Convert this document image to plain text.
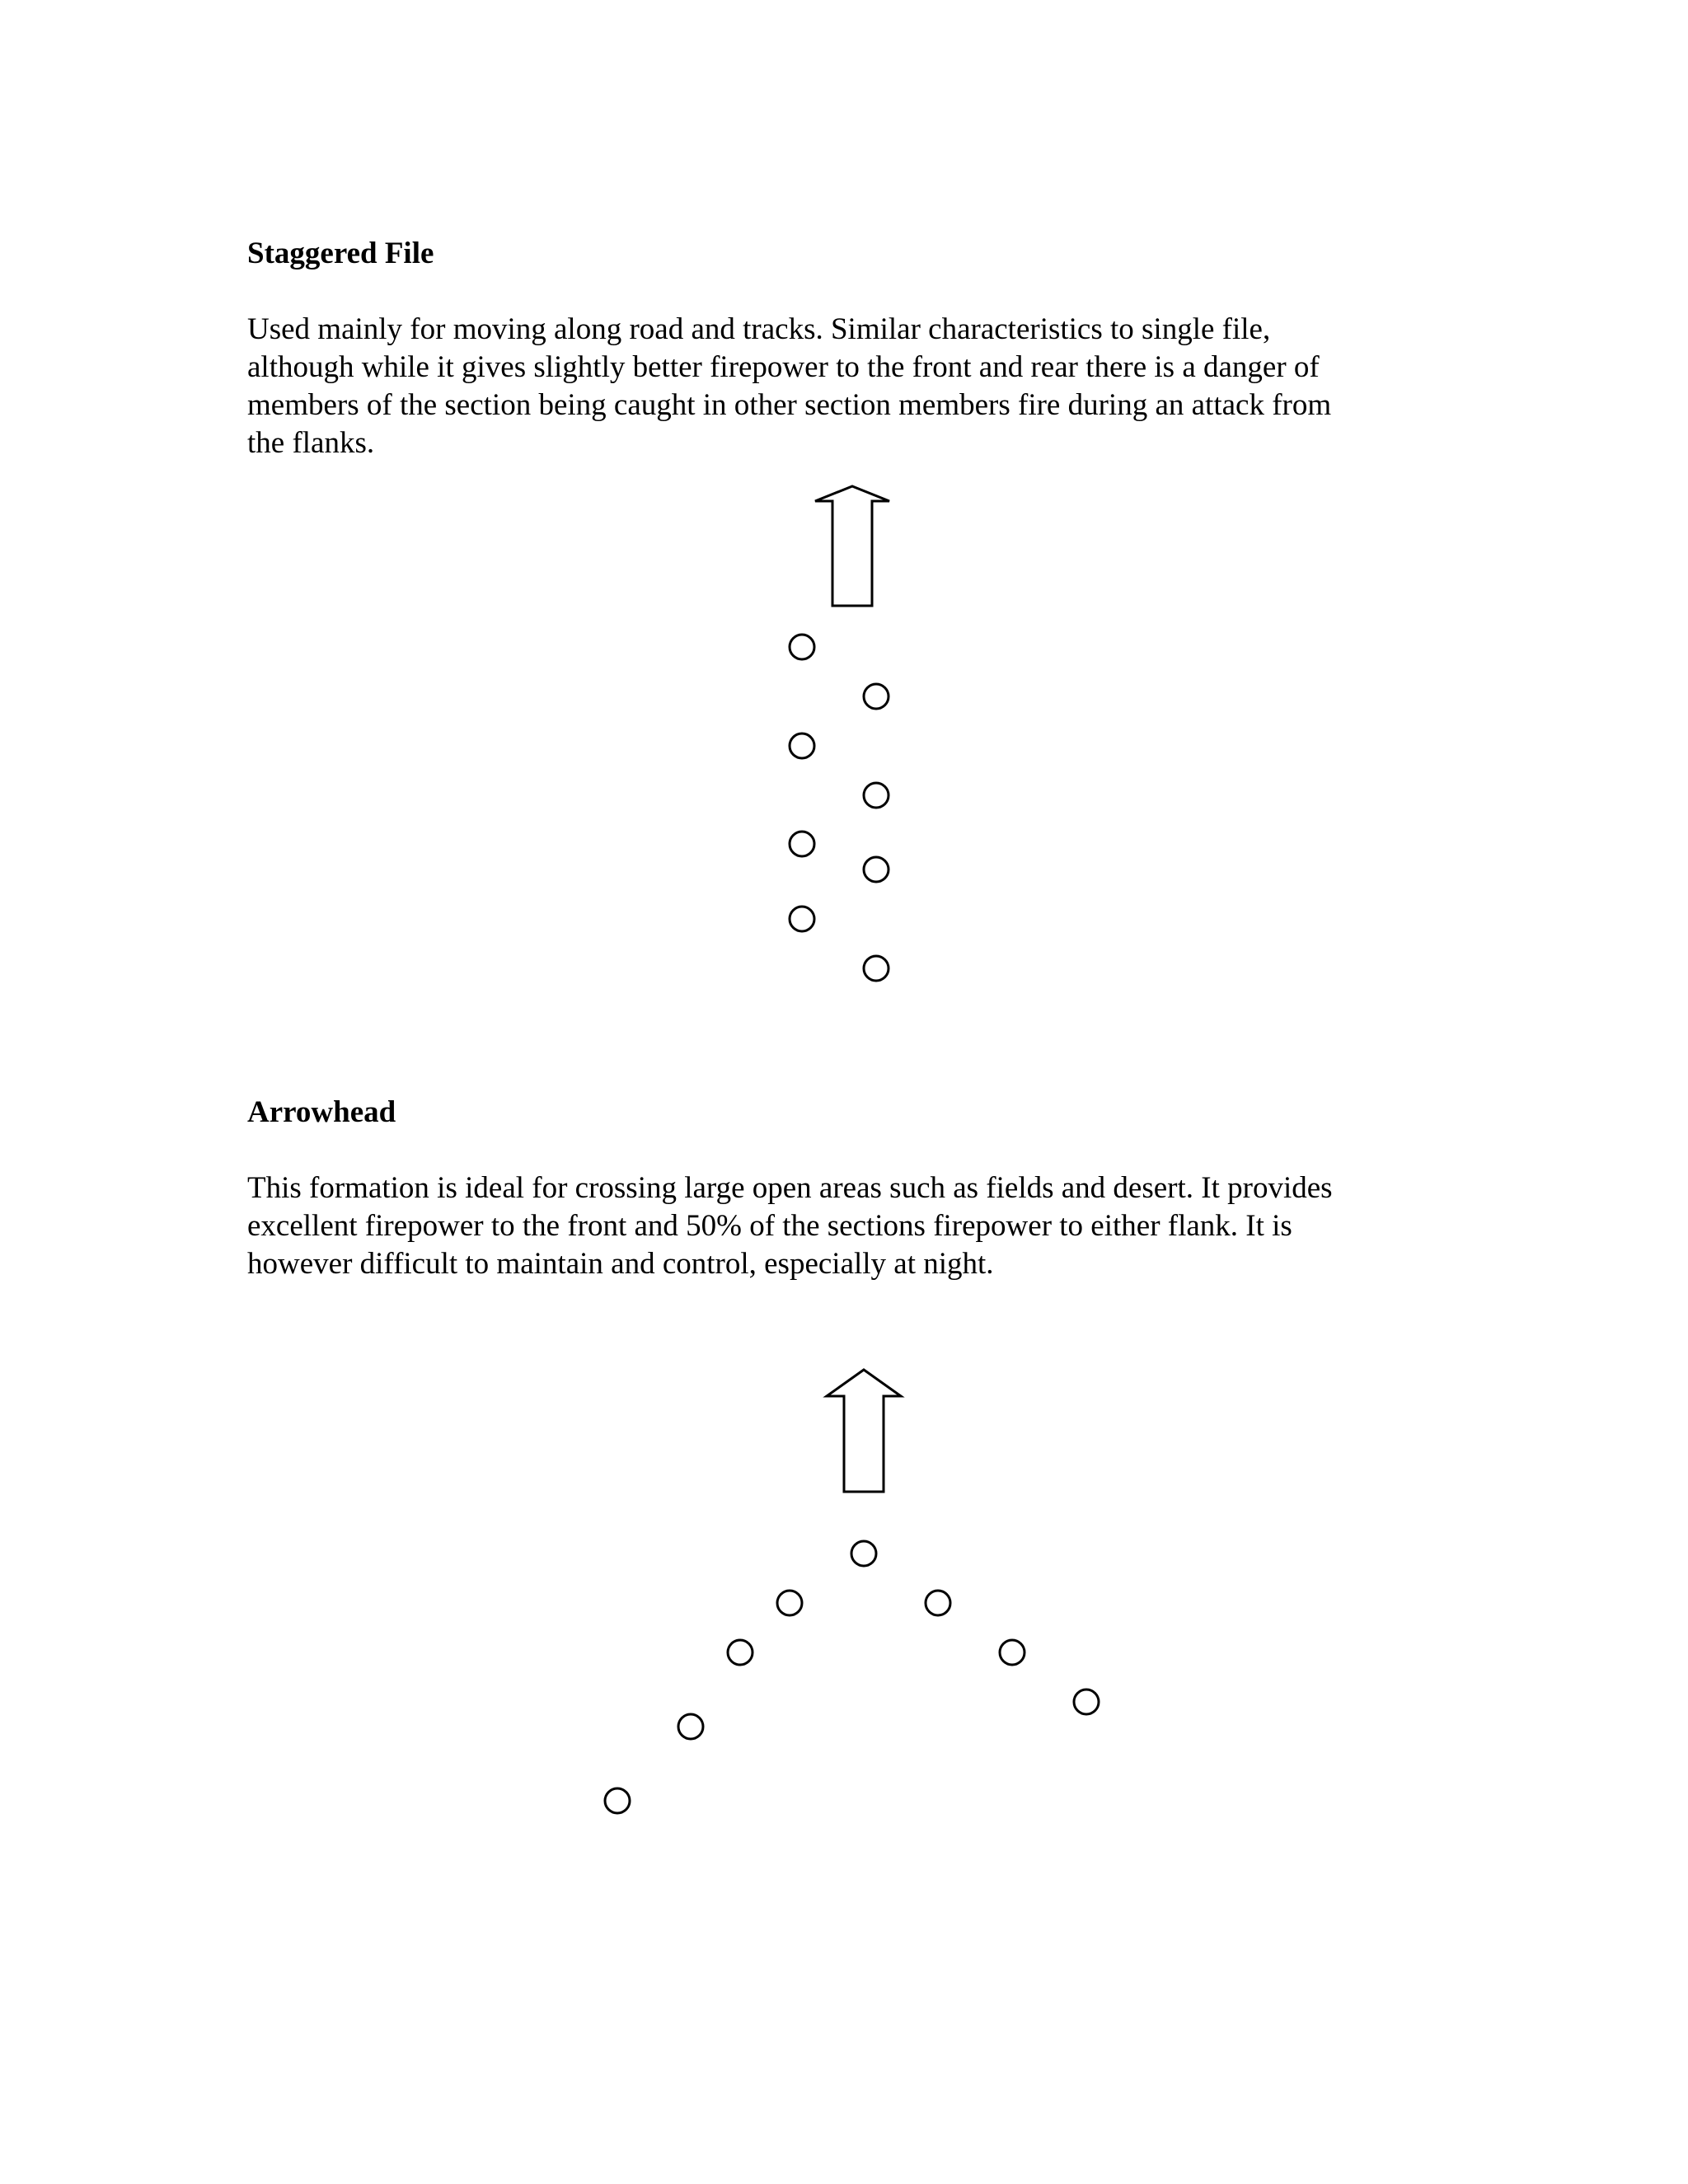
Staggered File

Used mainly for moving along road and tracks. Similar characteristics to single file,
although while it gives slightly better firepower to the front and rear there is a danger of
members of the section being caught in other section members fire during an attack from
the flanks.

Arrowhead

This formation is ideal for crossing large open areas such as fields and desert. It provides
excellent firepower to the front and 50% of the sections firepower to either flank. It is
however difficult to maintain and control, especially at night.
